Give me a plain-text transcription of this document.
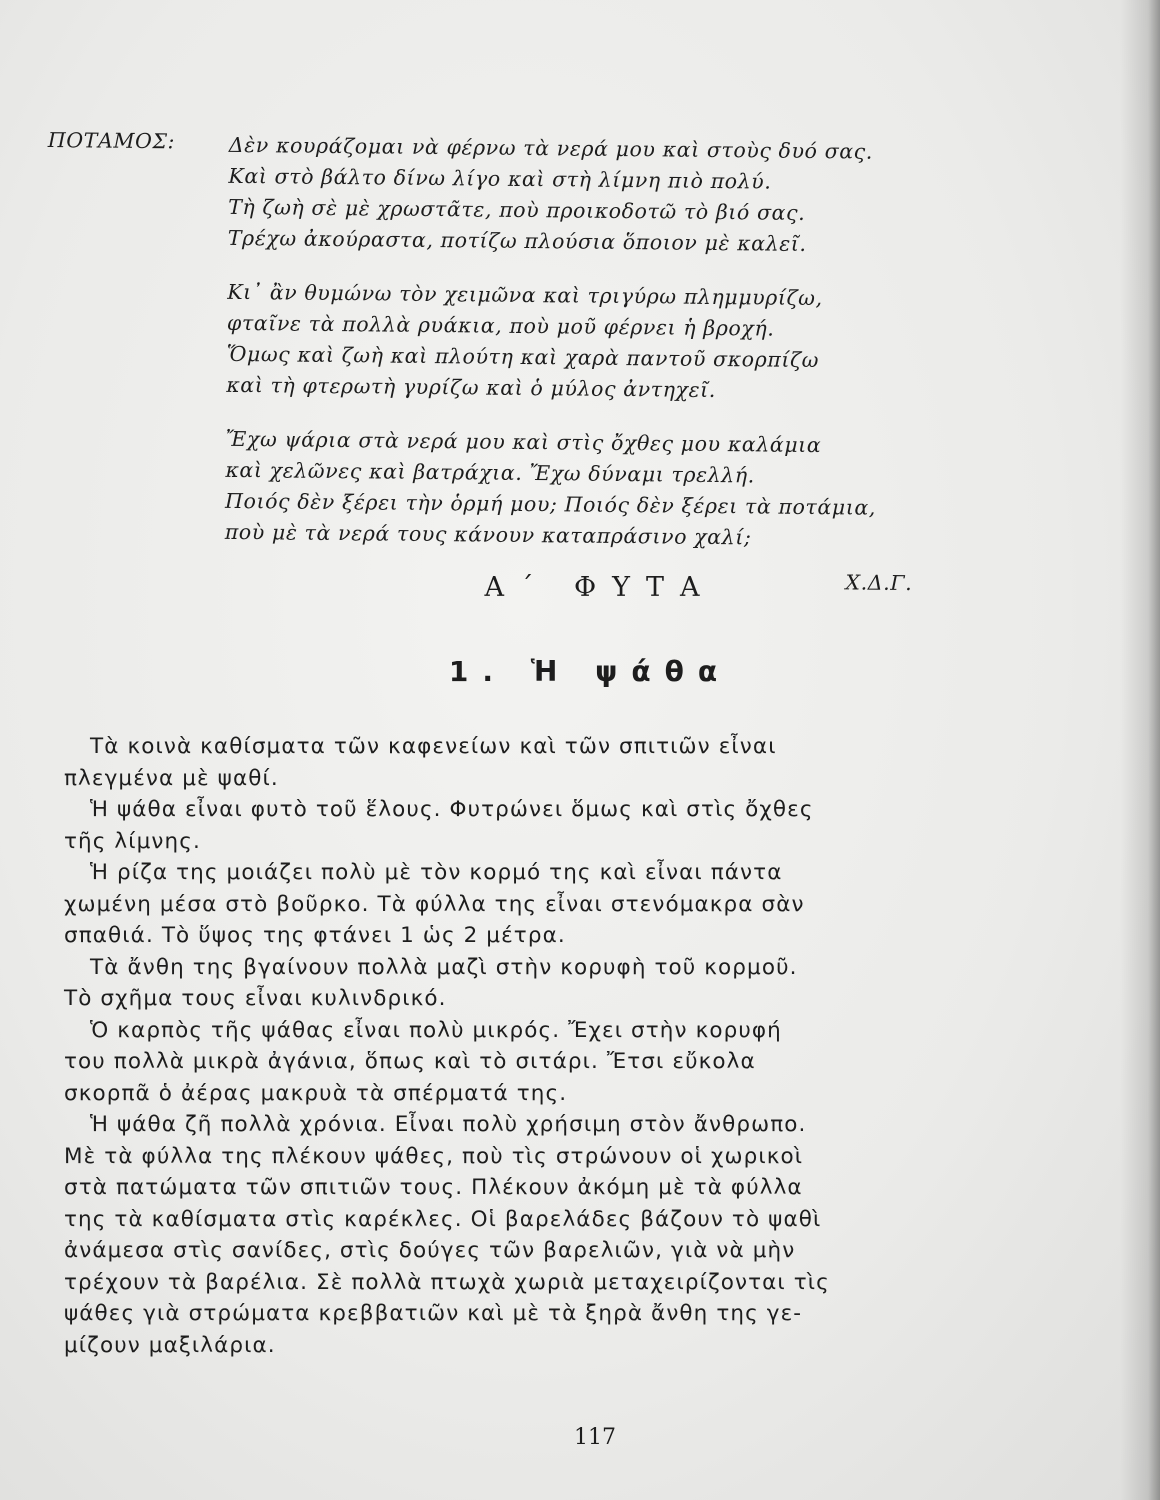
ΠΟΤΑΜΟΣ:	Δὲν κουράζομαι νὰ φέρνω τὰ νερά μου καὶ στοὺς δυό σας.
Καὶ στὸ βάλτο δίνω λίγο καὶ στὴ λίμνη πιὸ πολύ.
Τὴ ζωὴ σὲ μὲ χρωστᾶτε, ποὺ προικοδοτῶ τὸ βιό σας.
Τρέχω ἀκούραστα, ποτίζω πλούσια ὅποιον μὲ καλεῖ.
Κι᾿ ἂν θυμώνω τὸν χειμῶνα καὶ τριγύρω πλημμυρίζω,
φταῖνε τὰ πολλὰ ρυάκια, ποὺ μοῦ φέρνει ἡ βροχή.
Ὅμως καὶ ζωὴ καὶ πλούτη καὶ χαρὰ παντοῦ σκορπίζω
καὶ τὴ φτερωτὴ γυρίζω καὶ ὁ μύλος ἀντηχεῖ.
Ἔχω ψάρια στὰ νερά μου καὶ στὶς ὄχθες μου καλάμια
καὶ χελῶνες καὶ βατράχια. Ἔχω δύναμι τρελλή.
Ποιός δὲν ξέρει τὴν ὁρμή μου; Ποιός δὲν ξέρει τὰ ποτάμια,
ποὺ μὲ τὰ νερά τους κάνουν καταπράσινο χαλί;
Χ.Δ.Γ.
Α΄ ΦΥΤΑ
1. Ἡ ψάθα
Τὰ κοινὰ καθίσματα τῶν καφενείων καὶ τῶν σπιτιῶν εἶναι
πλεγμένα μὲ ψαθί.
Ἡ ψάθα εἶναι φυτὸ τοῦ ἕλους. Φυτρώνει ὅμως καὶ στὶς ὄχθες
τῆς λίμνης.
Ἡ ρίζα της μοιάζει πολὺ μὲ τὸν κορμό της καὶ εἶναι πάντα
χωμένη μέσα στὸ βοῦρκο. Τὰ φύλλα της εἶναι στενόμακρα σὰν
σπαθιά. Τὸ ὕψος της φτάνει 1 ὡς 2 μέτρα.
Τὰ ἄνθη της βγαίνουν πολλὰ μαζὶ στὴν κορυφὴ τοῦ κορμοῦ.
Τὸ σχῆμα τους εἶναι κυλινδρικό.
Ὁ καρπὸς τῆς ψάθας εἶναι πολὺ μικρός. Ἔχει στὴν κορυφή
του πολλὰ μικρὰ ἀγάνια, ὅπως καὶ τὸ σιτάρι. Ἔτσι εὔκολα
σκορπᾶ ὁ ἀέρας μακρυὰ τὰ σπέρματά της.
Ἡ ψάθα ζῆ πολλὰ χρόνια. Εἶναι πολὺ χρήσιμη στὸν ἄνθρωπο.
Μὲ τὰ φύλλα της πλέκουν ψάθες, ποὺ τὶς στρώνουν οἱ χωρικοὶ
στὰ πατώματα τῶν σπιτιῶν τους. Πλέκουν ἀκόμη μὲ τὰ φύλλα
της τὰ καθίσματα στὶς καρέκλες. Οἱ βαρελάδες βάζουν τὸ ψαθὶ
ἀνάμεσα στὶς σανίδες, στὶς δούγες τῶν βαρελιῶν, γιὰ νὰ μὴν
τρέχουν τὰ βαρέλια. Σὲ πολλὰ πτωχὰ χωριὰ μεταχειρίζονται τὶς
ψάθες γιὰ στρώματα κρεββατιῶν καὶ μὲ τὰ ξηρὰ ἄνθη της γε-
μίζουν μαξιλάρια.
117
